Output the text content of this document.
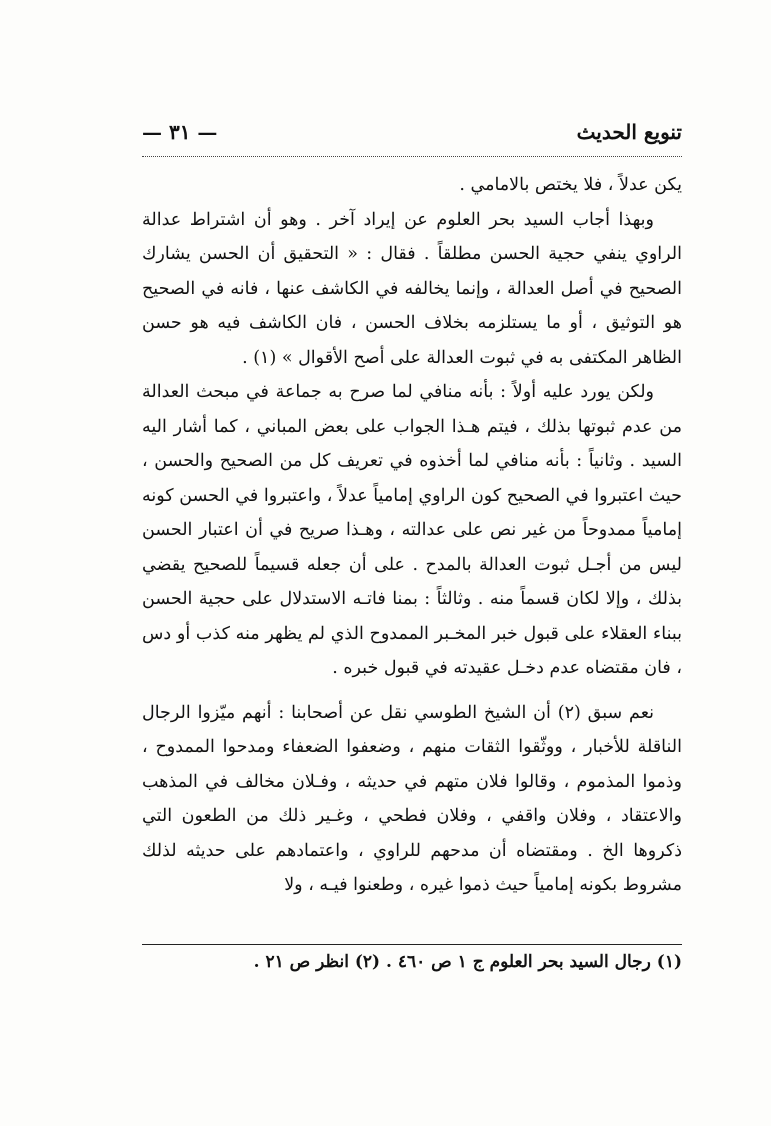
تنويع الحديث
— ٣١ —

يكن عدلاً ، فلا يختص بالامامي .

وبهذا أجاب السيد بحر العلوم عن إيراد آخر . وهو أن اشتراط عدالة الراوي ينفي حجية الحسن مطلقاً . فقال : « التحقيق أن الحسن يشارك الصحيح في أصل العدالة ، وإنما يخالفه في الكاشف عنها ، فانه في الصحيح هو التوثيق ، أو ما يستلزمه بخلاف الحسن ، فان الكاشف فيه هو حسن الظاهر المكتفى به في ثبوت العدالة على أصح الأقوال » (١) .

ولكن يورد عليه أولاً : بأنه منافي لما صرح به جماعة في مبحث العدالة من عدم ثبوتها بذلك ، فيتم هـذا الجواب على بعض المباني ، كما أشار اليه السيد . وثانياً : بأنه منافي لما أخذوه في تعريف كل من الصحيح والحسن ، حيث اعتبروا في الصحيح كون الراوي إمامياً عدلاً ، واعتبروا في الحسن كونه إمامياً ممدوحاً من غير نص على عدالته ، وهـذا صريح في أن اعتبار الحسن ليس من أجـل ثبوت العدالة بالمدح . على أن جعله قسيماً للصحيح يقضي بذلك ، وإلا لكان قسماً منه . وثالثاً : بمنا فاتـه الاستدلال على حجية الحسن ببناء العقلاء على قبول خبر المخـبر الممدوح الذي لم يظهر منه كذب أو دس ، فان مقتضاه عدم دخـل عقيدته في قبول خبره .

نعم سبق (٢) أن الشيخ الطوسي نقل عن أصحابنا : أنهم ميّزوا الرجال الناقلة للأخبار ، ووثّقوا الثقات منهم ، وضعفوا الضعفاء ومدحوا الممدوح ، وذموا المذموم ، وقالوا فلان متهم في حديثه ، وفـلان مخالف في المذهب والاعتقاد ، وفلان واقفي ، وفلان فطحي ، وغـير ذلك من الطعون التي ذكروها الخ . ومقتضاه أن مدحهم للراوي ، واعتمادهم على حديثه لذلك مشروط بكونه إمامياً حيث ذموا غيره ، وطعنوا فيـه ، ولا

(١) رجال السيد بحر العلوم ج ١ ص ٤٦٠ . (٢) انظر ص ٢١ .
